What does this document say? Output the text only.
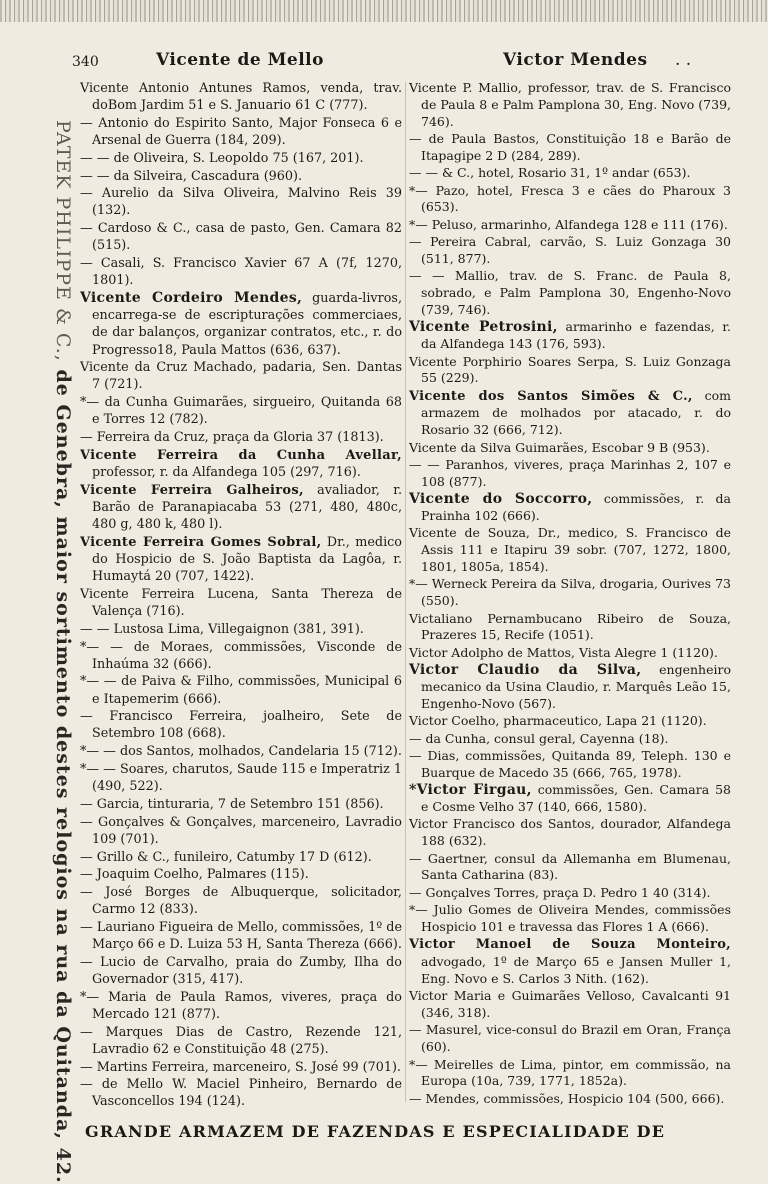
340	Vicente de Mello	Victor Mendes . .
PATEK PHILIPPE & C., de Genebra, maior sortimento destes relogios na rua da Quitanda, 42.

Vicente Antonio Antunes Ramos, venda, trav. doBom Jardim 51 e S. Januario 61 C (777).

— Antonio do Espirito Santo, Major Fonseca 6 e Arsenal de Guerra (184, 209).

— — de Oliveira, S. Leopoldo 75 (167, 201).

— — da Silveira, Cascadura (960).

— Aurelio da Silva Oliveira, Malvino Reis 39 (132).

— Cardoso & C., casa de pasto, Gen. Camara 82 (515).

— Casali, S. Francisco Xavier 67 A (7f, 1270, 1801).

Vicente Cordeiro Mendes, guarda-livros, encarrega-se de escripturações commerciaes, de dar balanços, organizar contratos, etc., r. do Progresso18, Paula Mattos (636, 637).

Vicente da Cruz Machado, padaria, Sen. Dantas 7 (721).

*— da Cunha Guimarães, sirgueiro, Quitanda 68 e Torres 12 (782).

— Ferreira da Cruz, praça da Gloria 37 (1813).

Vicente Ferreira da Cunha Avellar, professor, r. da Alfandega 105 (297, 716).

Vicente Ferreira Galheiros, avaliador, r. Barão de Paranapiacaba 53 (271, 480, 480c, 480 g, 480 k, 480 l).

Vicente Ferreira Gomes Sobral, Dr., medico do Hospicio de S. João Baptista da Lagôa, r. Humaytá 20 (707, 1422).

Vicente Ferreira Lucena, Santa Thereza de Valença (716).

— — Lustosa Lima, Villegaignon (381, 391).

*— — de Moraes, commissões, Visconde de Inhaúma 32 (666).

*— — de Paiva & Filho, commissões, Municipal 6 e Itapemerim (666).

— Francisco Ferreira, joalheiro, Sete de Setembro 108 (668).

*— — dos Santos, molhados, Candelaria 15 (712).

*— — Soares, charutos, Saude 115 e Imperatriz 1 (490, 522).

— Garcia, tinturaria, 7 de Setembro 151 (856).

— Gonçalves & Gonçalves, marceneiro, Lavradio 109 (701).

— Grillo & C., funileiro, Catumby 17 D (612).

— Joaquim Coelho, Palmares (115).

— José Borges de Albuquerque, solicitador, Carmo 12 (833).

— Lauriano Figueira de Mello, commissões, 1º de Março 66 e D. Luiza 53 H, Santa Thereza (666).

— Lucio de Carvalho, praia do Zumby, Ilha do Governador (315, 417).

*— Maria de Paula Ramos, viveres, praça do Mercado 121 (877).

— Marques Dias de Castro, Rezende 121, Lavradio 62 e Constituição 48 (275).

— Martins Ferreira, marceneiro, S. José 99 (701).

— de Mello W. Maciel Pinheiro, Bernardo de Vasconcellos 194 (124).

Vicente P. Mallio, professor, trav. de S. Francisco de Paula 8 e Palm Pamplona 30, Eng. Novo (739, 746).

— de Paula Bastos, Constituição 18 e Barão de Itapagipe 2 D (284, 289).

— — & C., hotel, Rosario 31, 1º andar (653).

*— Pazo, hotel, Fresca 3 e cães do Pharoux 3 (653).

*— Peluso, armarinho, Alfandega 128 e 111 (176).

— Pereira Cabral, carvão, S. Luiz Gonzaga 30 (511, 877).

— — Mallio, trav. de S. Franc. de Paula 8, sobrado, e Palm Pamplona 30, Engenho-Novo (739, 746).

Vicente Petrosini, armarinho e fazendas, r. da Alfandega 143 (176, 593).

Vicente Porphirio Soares Serpa, S. Luiz Gonzaga 55 (229).

Vicente dos Santos Simões & C., com armazem de molhados por atacado, r. do Rosario 32 (666, 712).

Vicente da Silva Guimarães, Escobar 9 B (953).

— — Paranhos, viveres, praça Marinhas 2, 107 e 108 (877).

Vicente do Soccorro, commissões, r. da Prainha 102 (666).

Vicente de Souza, Dr., medico, S. Francisco de Assis 111 e Itapiru 39 sobr. (707, 1272, 1800, 1801, 1805a, 1854).

*— Werneck Pereira da Silva, drogaria, Ourives 73 (550).

Victaliano Pernambucano Ribeiro de Souza, Prazeres 15, Recife (1051).

Victor Adolpho de Mattos, Vista Alegre 1 (1120).

Victor Claudio da Silva, engenheiro mecanico da Usina Claudio, r. Marquês Leão 15, Engenho-Novo (567).

Victor Coelho, pharmaceutico, Lapa 21 (1120).

— da Cunha, consul geral, Cayenna (18).

— Dias, commissões, Quitanda 89, Teleph. 130 e Buarque de Macedo 35 (666, 765, 1978).

*Victor Firgau, commissões, Gen. Camara 58 e Cosme Velho 37 (140, 666, 1580).

Victor Francisco dos Santos, dourador, Alfandega 188 (632).

— Gaertner, consul da Allemanha em Blumenau, Santa Catharina (83).

— Gonçalves Torres, praça D. Pedro 1 40 (314).

*— Julio Gomes de Oliveira Mendes, commissões Hospicio 101 e travessa das Flores 1 A (666).

Victor Manoel de Souza Monteiro, advogado, 1º de Março 65 e Jansen Muller 1, Eng. Novo e S. Carlos 3 Nith. (162).

Victor Maria e Guimarães Velloso, Cavalcanti 91 (346, 318).

— Masurel, vice-consul do Brazil em Oran, França (60).

*— Meirelles de Lima, pintor, em commissão, na Europa (10a, 739, 1771, 1852a).

— Mendes, commissões, Hospicio 104 (500, 666).

GRANDE ARMAZEM DE FAZENDAS E ESPECIALIDADE DE
